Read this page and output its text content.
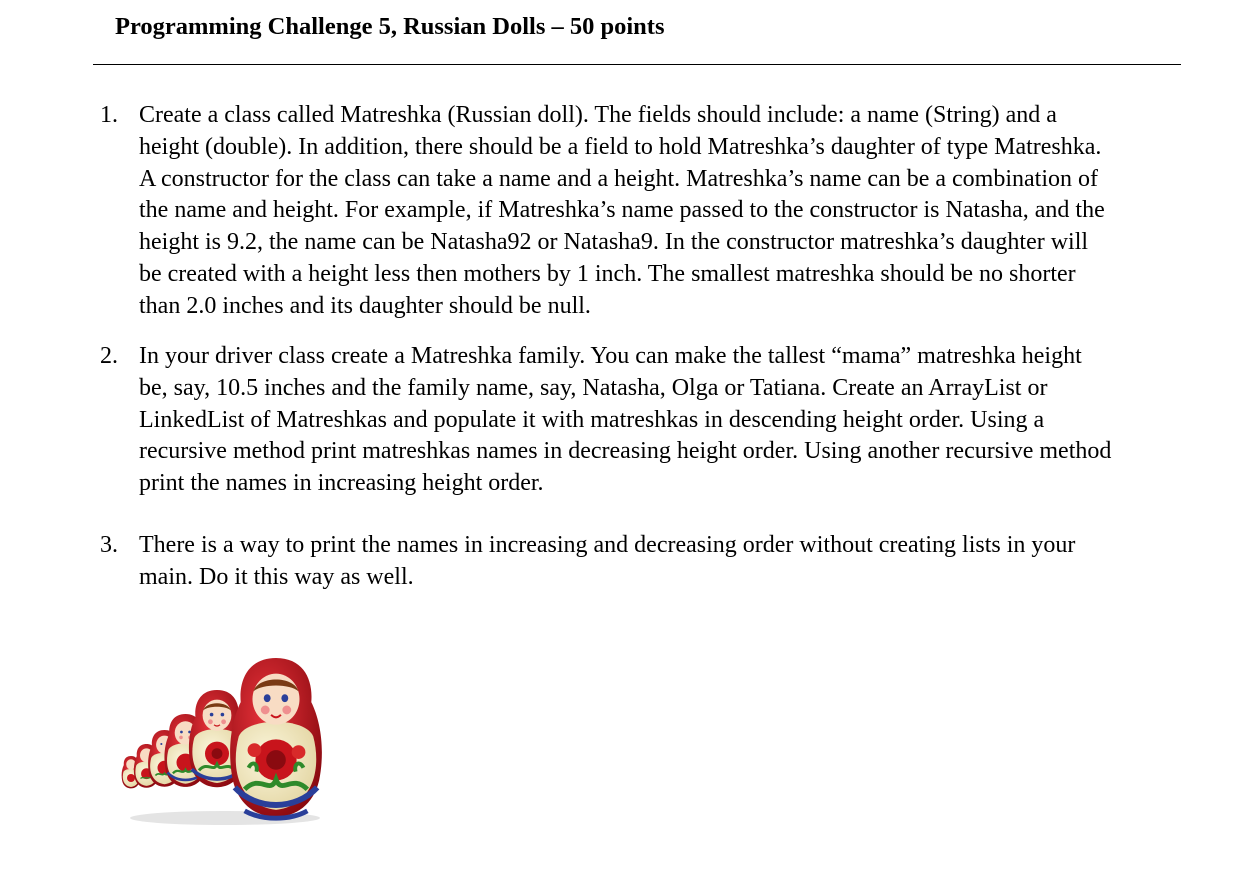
Programming Challenge 5, Russian Dolls – 50 points
1. Create a class called Matreshka (Russian doll). The fields should include: a name (String) and a
height (double). In addition, there should be a field to hold Matreshka’s daughter of type Matreshka.
A constructor for the class can take a name and a height. Matreshka’s name can be a combination of
the name and height. For example, if Matreshka’s name passed to the constructor is Natasha, and the
height is 9.2, the name can be Natasha92 or Natasha9. In the constructor matreshka’s daughter will
be created with a height less then mothers by 1 inch. The smallest matreshka should be no shorter
than 2.0 inches and its daughter should be null.
2. In your driver class create a Matreshka family. You can make the tallest “mama” matreshka height
be, say, 10.5 inches and the family name, say, Natasha, Olga or Tatiana. Create an ArrayList or
LinkedList of Matreshkas and populate it with matreshkas in descending height order. Using a
recursive method print matreshkas names in decreasing height order. Using another recursive method
print the names in increasing height order.
3. There is a way to print the names in increasing and decreasing order without creating lists in your
main. Do it this way as well.
